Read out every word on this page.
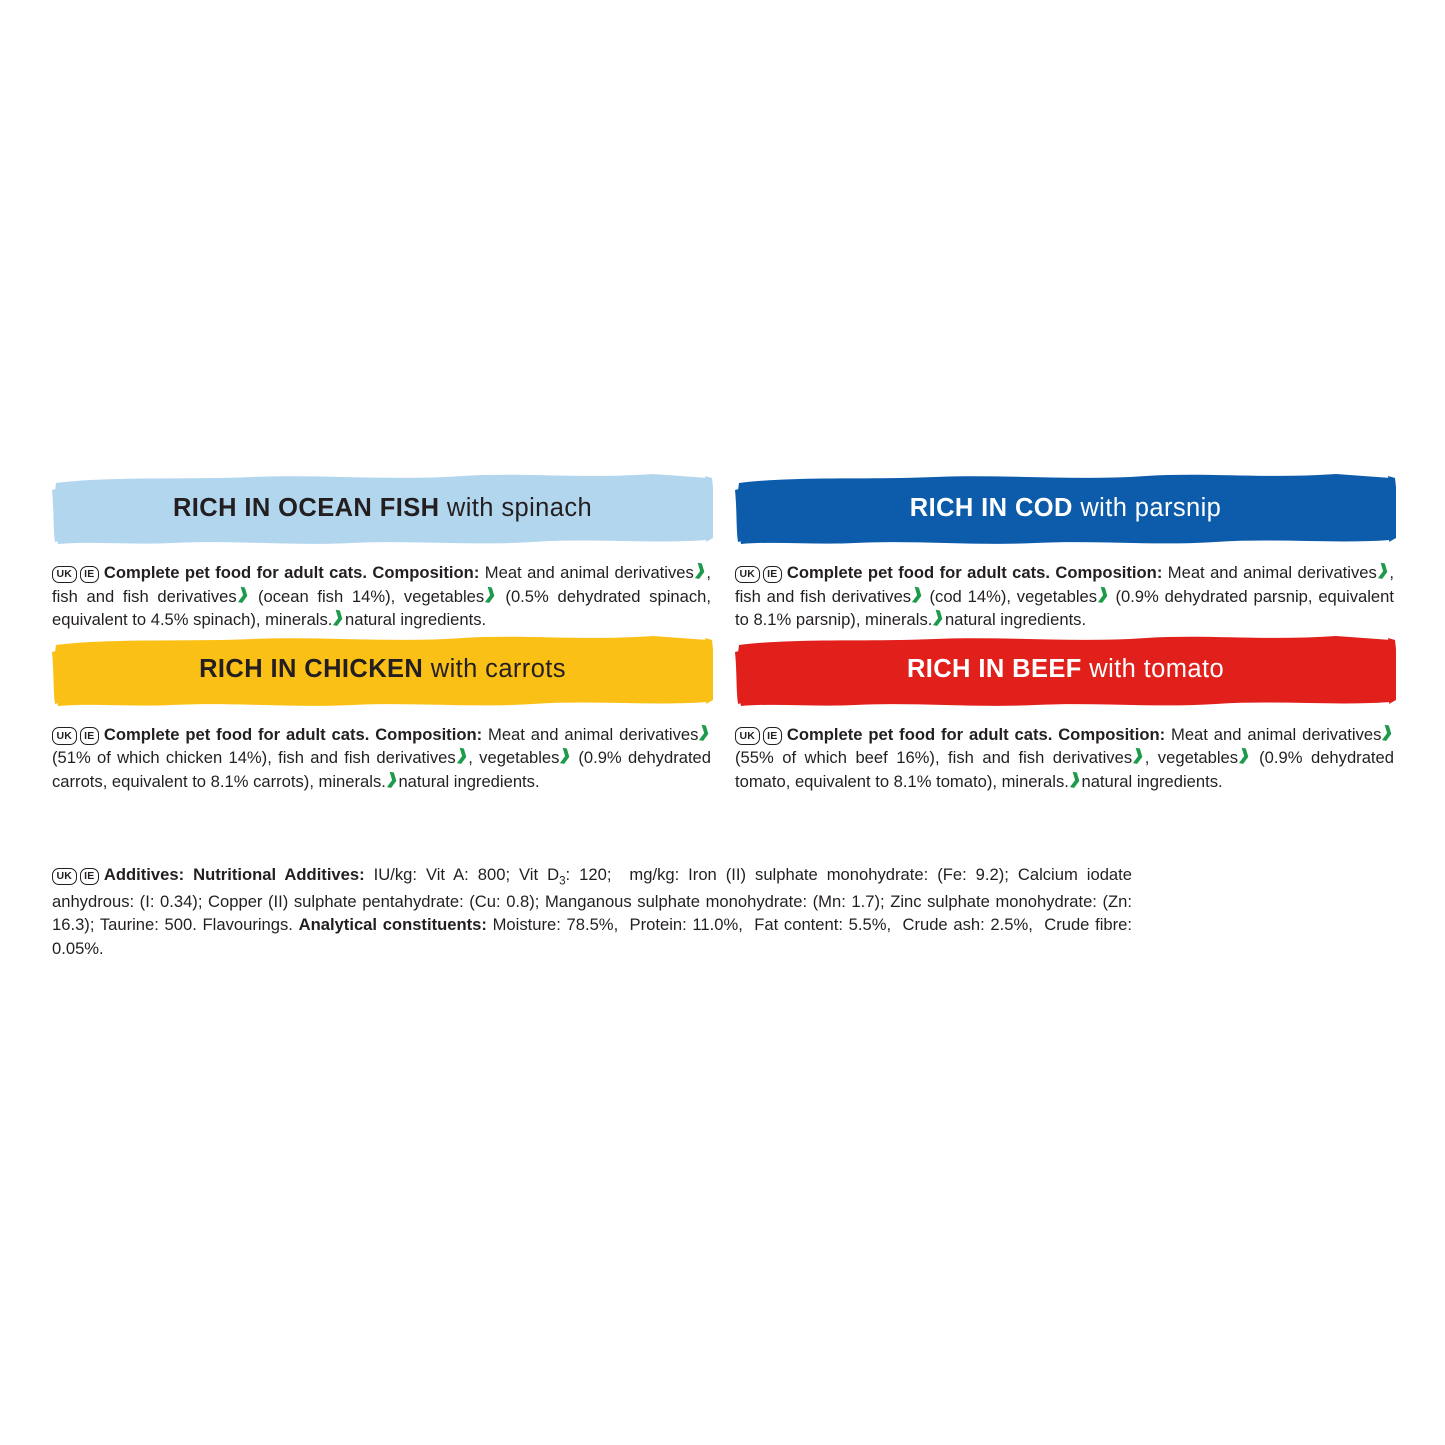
RICH IN OCEAN FISH with spinach
UK IE Complete pet food for adult cats. Composition: Meat and animal derivatives❱, fish and fish derivatives❱ (ocean fish 14%), vegetables❱ (0.5% dehydrated spinach, equivalent to 4.5% spinach), minerals.❱natural ingredients.
RICH IN COD with parsnip
UK IE Complete pet food for adult cats. Composition: Meat and animal derivatives❱, fish and fish derivatives❱ (cod 14%), vegetables❱ (0.9% dehydrated parsnip, equivalent to 8.1% parsnip), minerals.❱natural ingredients.
RICH IN CHICKEN with carrots
UK IE Complete pet food for adult cats. Composition: Meat and animal derivatives❱ (51% of which chicken 14%), fish and fish derivatives❱, vegetables❱ (0.9% dehydrated carrots, equivalent to 8.1% carrots), minerals.❱natural ingredients.
RICH IN BEEF with tomato
UK IE Complete pet food for adult cats. Composition: Meat and animal derivatives❱ (55% of which beef 16%), fish and fish derivatives❱, vegetables❱ (0.9% dehydrated tomato, equivalent to 8.1% tomato), minerals.❱natural ingredients.
UK IE Additives: Nutritional Additives: IU/kg: Vit A: 800; Vit $D_3$: 120;  mg/kg: Iron (II) sulphate monohydrate: (Fe: 9.2); Calcium iodate anhydrous: (I: 0.34); Copper (II) sulphate pentahydrate: (Cu: 0.8); Manganous sulphate monohydrate: (Mn: 1.7); Zinc sulphate monohydrate: (Zn: 16.3); Taurine: 500. Flavourings. Analytical constituents: Moisture: 78.5%,  Protein: 11.0%,  Fat content: 5.5%,  Crude ash: 2.5%,  Crude fibre: 0.05%.
